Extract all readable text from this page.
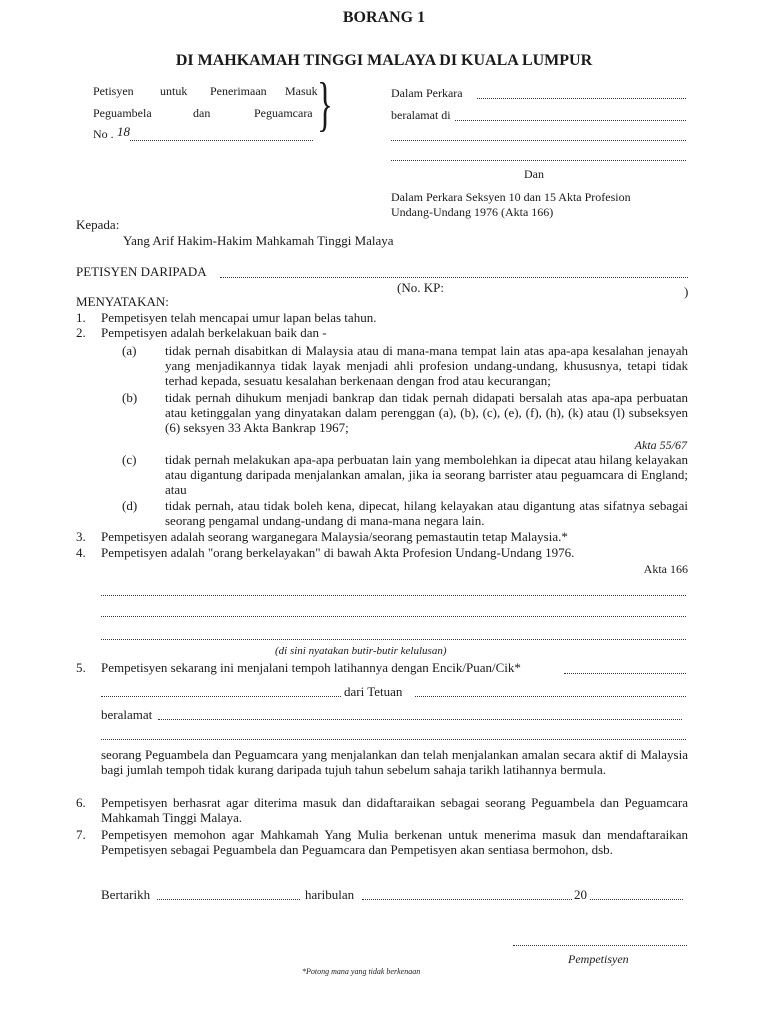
BORANG 1
DI MAHKAMAH TINGGI MALAYA DI KUALA LUMPUR
Petisyen untuk Penerimaan Masuk
Peguambela	dan	Peguamcara
No . 18	}	Dalam Perkara
beralamat di
Dan
Dalam Perkara Seksyen 10 dan 15 Akta Profesion
Undang-Undang 1976 (Akta 166)
Kepada:
Yang Arif Hakim-Hakim Mahkamah Tinggi Malaya
PETISYEN DARIPADA
(No. KP:	)
MENYATAKAN:
1. Pempetisyen telah mencapai umur lapan belas tahun.
2. Pempetisyen adalah berkelakuan baik dan -
(a) tidak pernah disabitkan di Malaysia atau di mana-mana tempat lain atas apa-apa kesalahan jenayah yang menjadikannya tidak layak menjadi ahli profesion undang-undang, khususnya, tetapi tidak terhad kepada, sesuatu kesalahan berkenaan dengan frod atau kecurangan;
(b) tidak pernah dihukum menjadi bankrap dan tidak pernah didapati bersalah atas apa-apa perbuatan atau ketinggalan yang dinyatakan dalam perenggan (a), (b), (c), (e), (f), (h), (k) atau (l) subseksyen (6) seksyen 33 Akta Bankrap 1967;
Akta 55/67
(c) tidak pernah melakukan apa-apa perbuatan lain yang membolehkan ia dipecat atau hilang kelayakan atau digantung daripada menjalankan amalan, jika ia seorang barrister atau peguamcara di England; atau
(d) tidak pernah, atau tidak boleh kena, dipecat, hilang kelayakan atau digantung atas sifatnya sebagai seorang pengamal undang-undang di mana-mana negara lain.
3. Pempetisyen adalah seorang warganegara Malaysia/seorang pemastautin tetap Malaysia.*
4. Pempetisyen adalah "orang berkelayakan" di bawah Akta Profesion Undang-Undang 1976.
Akta 166
(di sini nyatakan butir-butir kelulusan)
5. Pempetisyen sekarang ini menjalani tempoh latihannya dengan Encik/Puan/Cik*
dari Tetuan
beralamat
seorang Peguambela dan Peguamcara yang menjalankan dan telah menjalankan amalan secara aktif di Malaysia bagi jumlah tempoh tidak kurang daripada tujuh tahun sebelum sahaja tarikh latihannya bermula.
6. Pempetisyen berhasrat agar diterima masuk dan didaftaraikan sebagai seorang Peguambela dan Peguamcara Mahkamah Tinggi Malaya.
7. Pempetisyen memohon agar Mahkamah Yang Mulia berkenan untuk menerima masuk dan mendaftaraikan Pempetisyen sebagai Peguambela dan Peguamcara dan Pempetisyen akan sentiasa bermohon, dsb.
Bertarikh	haribulan	20
Pempetisyen
*Potong mana yang tidak berkenaan
